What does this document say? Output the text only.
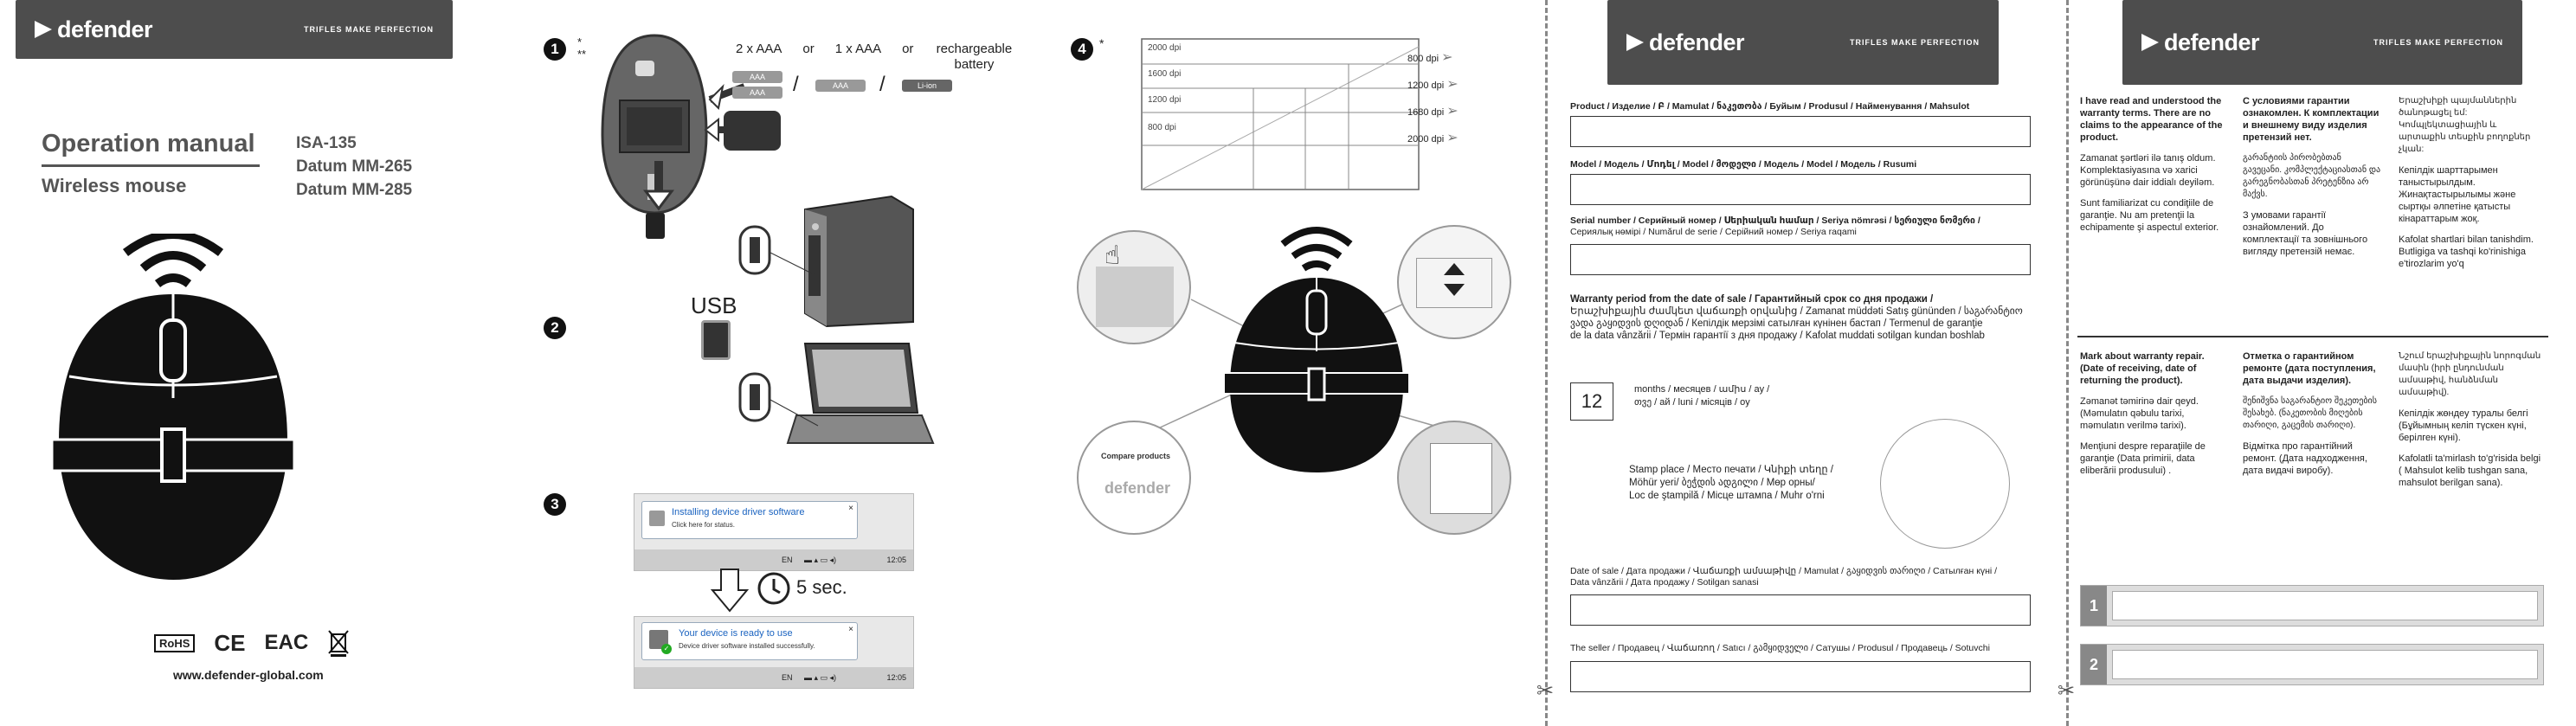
defender	TRIFLES MAKE PERFECTION
Operation manual
Wireless mouse
ISA-135
Datum MM-265
Datum MM-285
RoHS CE EAC
www.defender-global.com
1	*
**	2 x AAA or 1 x AAA or rechargeable battery
AAA
AAA	/	AAA	/	Li-ion
2
USB
3	Installing device driver software
Click here for status.
×
EN ▬ ▴ ▭ ◂)	12:05
5 sec.
✓
Your device is ready to use
Device driver software installed successfully.
×
EN ▬ ▴ ▭ ◂)	12:05
4	*	2000 dpi
1600 dpi
1200 dpi
800 dpi
800 dpi ➢
1200 dpi ➢
1680 dpi ➢
2000 dpi ➢
☝
Compare products
defender
✂	✂
defender	TRIFLES MAKE PERFECTION
Product / Изделие / Բ / Mamulat / ნაკეთობა / Буйым / Produsul / Найменування / Mahsulot
Model / Модель / Մոդել / Model / მოდელი / Модель / Model / Модель / Rusumi
Serial number / Серийный номер / Սերիական համար / Seriya nömrəsi / სერიული ნომერი /
Сериялық нөмірі / Numărul de serie / Серійний номер / Seriya raqami
Warranty period from the date of sale / Гарантийный срок со дня продажи /
Երաշխիքային ժամկետ վաճառքի օրվանից / Zamanat müddəti Satış gününden / საგარანტიო
ვადა გაყიდვის დღიდან / Кепілдік мерзімі сатылған күнінен бастап / Termenul de garanţie
de la data vânzării / Термін гарантії з дня продажу / Kafolat muddati sotilgan kundan boshlab
12
months / месяцев / ամիս / ay /
თვე / ай / luni / місяців / oy
Stamp place / Место печати / Կնիքի տեղը /
Möhür yeri/ ბეჭდის ადგილი / Мөр орны/
Loc de ştampilă / Місце штампа / Muhr o'rni
Date of sale / Дата продажи / Վաճառքի ամսաթիվը / Mamulat / გაყიდვის თარიღი / Сатылған күні /
Data vânzării / Дата продажу / Sotilgan sanasi
The seller / Продавец / Վաճառող / Satıcı / გამყიდველი / Сатушы / Produsul / Продавець / Sotuvchi
defender	TRIFLES MAKE PERFECTION

I have read and understood the warranty terms. There are no claims to the appearance of the product.

Zamanat şərtləri ilə tanış oldum. Komplektasiyasına və xarici görünüşünə dair iddialı deyiləm.

Sunt familiarizat cu condiţiile de garanţie. Nu am pretenţii la echipamente şi aspectul exterior.

С условиями гарантии ознакомлен. К комплектации и внешнему виду изделия претензий нет.

გარანტიის პირობებთან გავეცანი. კომპლექტაციასთან და გარეგნობასთან პრეტენზია არ მაქვს.

З умовами гарантії ознайомлений. До комплектації та зовнішнього вигляду претензій немає.

Երաշխիքի պայմաններին ծանոթացել եմ: Կոմպլեկտացիային և արտաքին տեսքին բողոքներ չկան:

Кепілдік шарттарымен таныстырылдым. Жинақтастырылымы және сыртқы әлпетіне қатысты кінараттарым жоқ.

Kafolat shartlari bilan tanishdim. Butligiga va tashqi ko'rinishiga e'tirozlarim yo'q

Mark about warranty repair. (Date of receiving, date of returning the product).

Zəmanət təmirinə dair qeyd. (Məmulatın qəbulu tarixi, məmulatın verilmə tarixi).

Menţiuni despre reparaţiile de garanţie (Data primirii, data eliberării produsului) .

Отметка о гарантийном ремонте (дата поступления, дата выдачи изделия).

შენიშვნა საგარანტიო შეკეთების შესახებ. (ნაკეთობის მიღების თარიღი, გაცემის თარიღი).

Відмітка про гарантійний ремонт. (Дата надходження, дата видачі виробу).

Նշում երաշխիքային նորոգման մասին (իրի ընդունման ամսաթիվ, հանձնման ամսաթիվ).

Кепілдік жөндеу туралы белгі (Бұйымның келіп түскен күні, берілген күні).

Kafolatli ta'mirlash to'g'risida belgi ( Mahsulot kelib tushgan sana, mahsulot berilgan sana).

1
2
